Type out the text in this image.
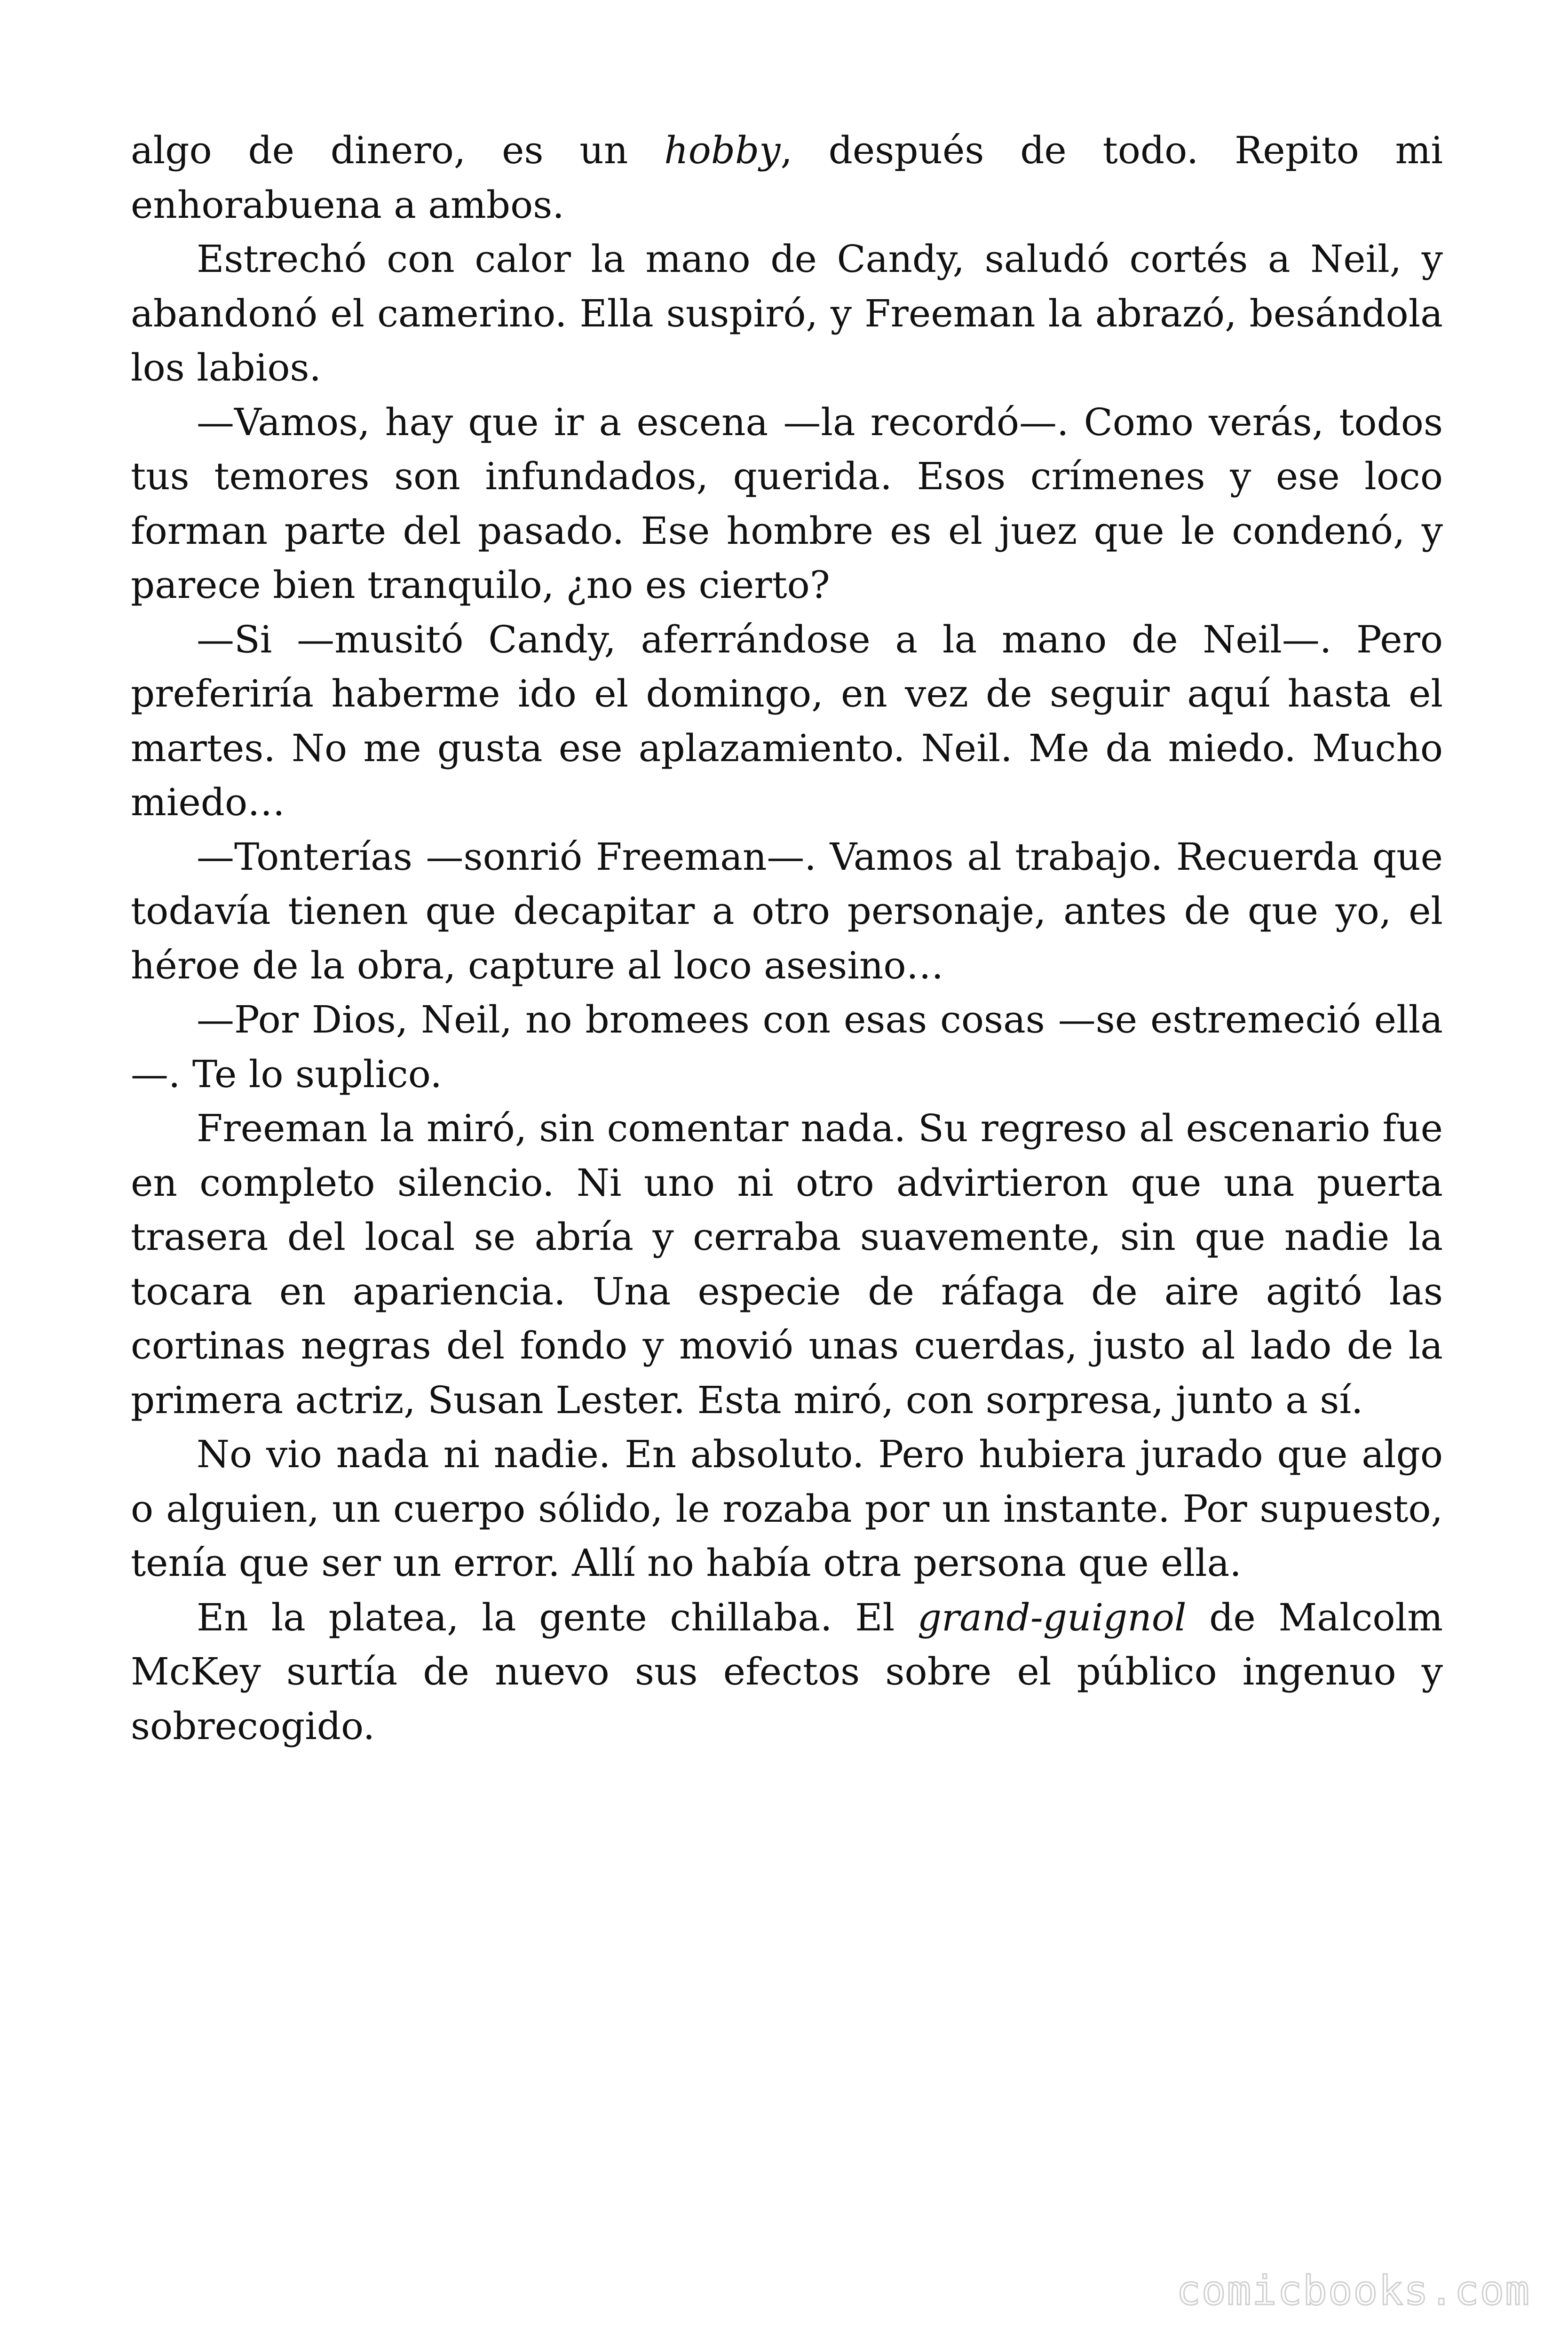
algo de dinero, es un hobby, después de todo. Repito mi enhorabuena a ambos.

Estrechó con calor la mano de Candy, saludó cortés a Neil, y abandonó el camerino. Ella suspiró, y Freeman la abrazó, besándola los labios.

—Vamos, hay que ir a escena —la recordó—. Como verás, todos tus temores son infundados, querida. Esos crímenes y ese loco forman parte del pasado. Ese hombre es el juez que le condenó, y parece bien tranquilo, ¿no es cierto?

—Si —musitó Candy, aferrándose a la mano de Neil—. Pero preferiría haberme ido el domingo, en vez de seguir aquí hasta el martes. No me gusta ese aplazamiento. Neil. Me da miedo. Mucho miedo…

—Tonterías —sonrió Freeman—. Vamos al trabajo. Recuerda que todavía tienen que decapitar a otro personaje, antes de que yo, el héroe de la obra, capture al loco asesino…

—Por Dios, Neil, no bromees con esas cosas —se estremeció ella —. Te lo suplico.

Freeman la miró, sin comentar nada. Su regreso al escenario fue en completo silencio. Ni uno ni otro advirtieron que una puerta trasera del local se abría y cerraba suavemente, sin que nadie la tocara en apariencia. Una especie de ráfaga de aire agitó las cortinas negras del fondo y movió unas cuerdas, justo al lado de la primera actriz, Susan Lester. Esta miró, con sorpresa, junto a sí.

No vio nada ni nadie. En absoluto. Pero hubiera jurado que algo o alguien, un cuerpo sólido, le rozaba por un instante. Por supuesto, tenía que ser un error. Allí no había otra persona que ella.

En la platea, la gente chillaba. El grand-guignol de Malcolm McKey surtía de nuevo sus efectos sobre el público ingenuo y sobrecogido.

comicbooks.com
